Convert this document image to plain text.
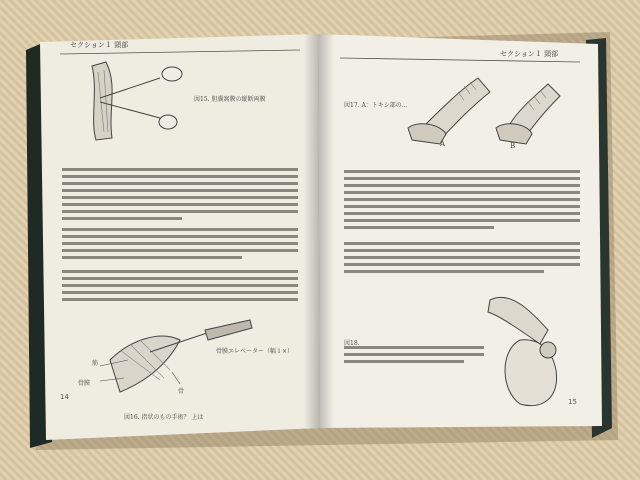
セクション１ 頸部
セクション１ 頸部
図15. 胆囊窩膜の縦断両膜
図16. 指状のもの手術？ 上は
骨膜エレベーター（幅１×）
筋
骨膜
骨
図17. A：トキシ部の...
図18.
A	B
14
15
